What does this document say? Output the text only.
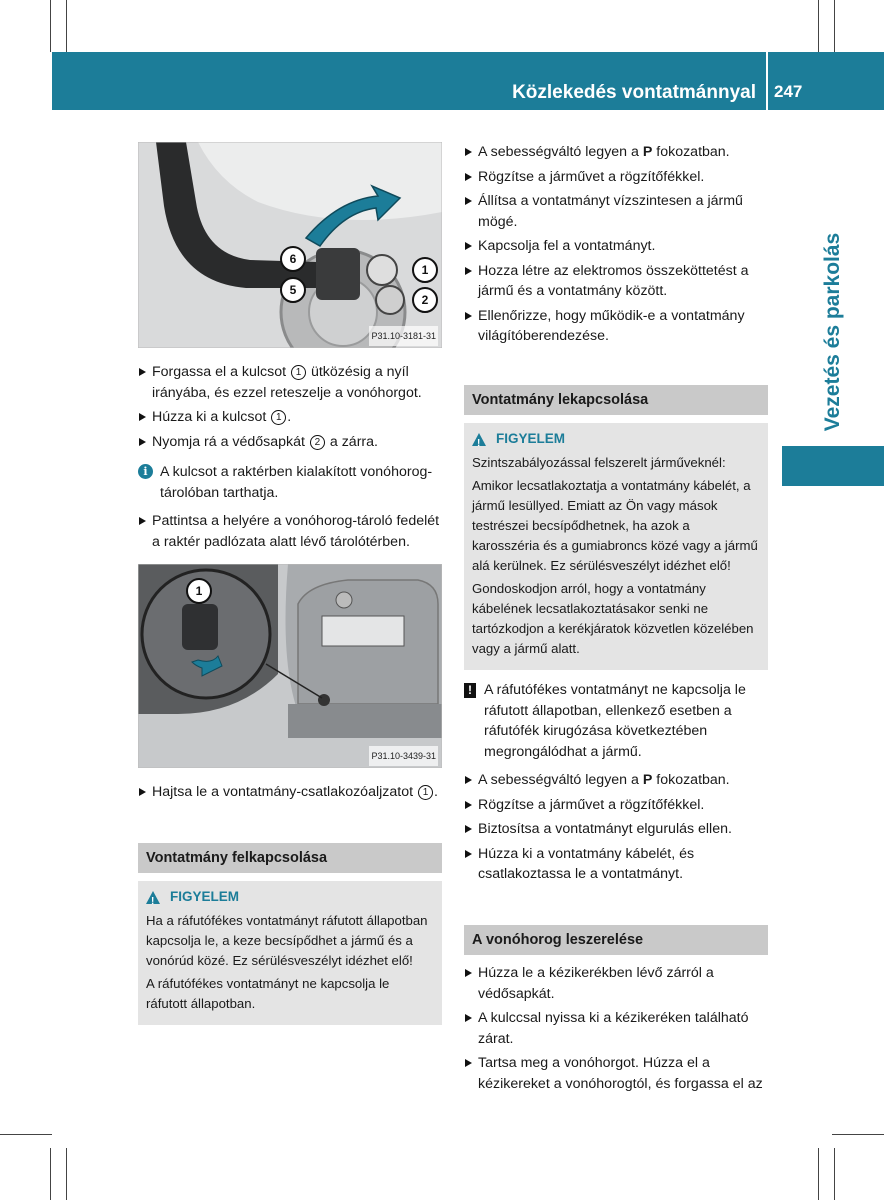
Közlekedés vontatmánnyal 247
Vezetés és parkolás
6
5
1
2
P31.10-3181-31
Forgassa el a kulcsot 1 ütközésig a nyíl irányába, és ezzel reteszelje a vonóhorgot.
Húzza ki a kulcsot 1 .
Nyomja rá a védősapkát 2 a zárra.
i A kulcsot a raktérben kialakított vonóhorog-tárolóban tarthatja.
Pattintsa a helyére a vonóhorog-tároló fedelét a raktér padlózata alatt lévő tárolótérben.
1
P31.10-3439-31
Hajtsa le a vontatmány-csatlakozóaljzatot 1 .
Vontatmány felkapcsolása
!
FIGYELEM

Ha a ráfutófékes vontatmányt ráfutott állapotban kapcsolja le, a keze becsípődhet a jármű és a vonórúd közé. Ez sérülésveszélyt idézhet elő!

A ráfutófékes vontatmányt ne kapcsolja le ráfutott állapotban.

A sebességváltó legyen a P fokozatban.
Rögzítse a járművet a rögzítőfékkel.
Állítsa a vontatmányt vízszintesen a jármű mögé.
Kapcsolja fel a vontatmányt.
Hozza létre az elektromos összeköttetést a jármű és a vontatmány között.
Ellenőrizze, hogy működik-e a vontatmány világítóberendezése.
Vontatmány lekapcsolása
!
FIGYELEM

Szintszabályozással felszerelt járműveknél:

Amikor lecsatlakoztatja a vontatmány kábelét, a jármű lesüllyed. Emiatt az Ön vagy mások testrészei becsípődhetnek, ha azok a karosszéria és a gumiabroncs közé vagy a jármű alá kerülnek. Ez sérülésveszélyt idézhet elő!

Gondoskodjon arról, hogy a vontatmány kábelének lecsatlakoztatásakor senki ne tartózkodjon a kerékjáratok közvetlen közelében vagy a jármű alatt.

! A ráfutófékes vontatmányt ne kapcsolja le ráfutott állapotban, ellenkező esetben a ráfutófék kirugózása következtében megrongálódhat a jármű.
A sebességváltó legyen a P fokozatban.
Rögzítse a járművet a rögzítőfékkel.
Biztosítsa a vontatmányt elgurulás ellen.
Húzza ki a vontatmány kábelét, és csatlakoztassa le a vontatmányt.
A vonóhorog leszerelése
Húzza le a kézikerékben lévő zárról a védősapkát.
A kulccsal nyissa ki a kézikeréken található zárat.
Tartsa meg a vonóhorgot. Húzza el a kézikereket a vonóhorogtól, és forgassa el az
